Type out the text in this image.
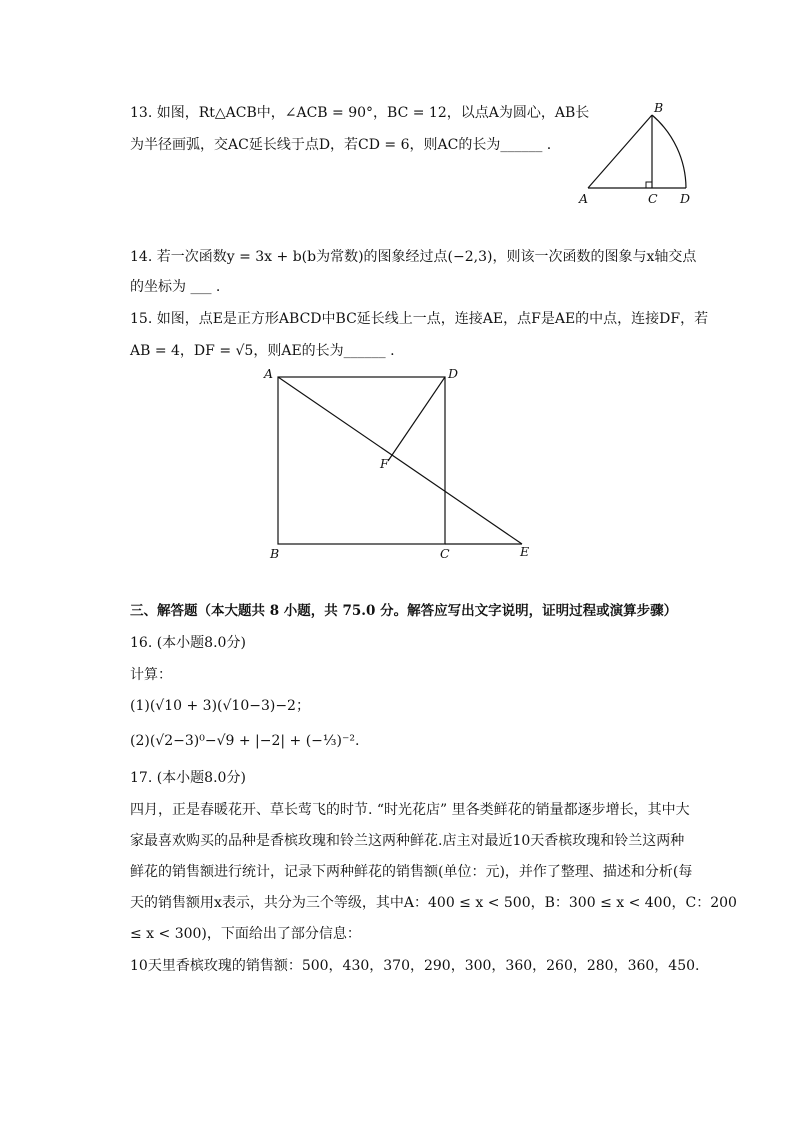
13. 如图，Rt△ACB中，∠ACB = 90°，BC = 12，以点A为圆心，AB长
为半径画弧，交AC延长线于点D，若CD = 6，则AC的长为______ .
B
A	C D
14. 若一次函数y = 3x + b(b为常数)的图象经过点(−2,3)，则该一次函数的图象与x轴交点
的坐标为 ___ .
15. 如图，点E是正方形ABCD中BC延长线上一点，连接AE，点F是AE的中点，连接DF，若
AB = 4，DF = √5，则AE的长为______ .
A	D
F
B	C	E
三、解答题（本大题共 8 小题，共 75.0 分。解答应写出文字说明，证明过程或演算步骤）
16. (本小题8.0分)
计算：
(1)(√10 + 3)(√10−3)−2；
(2)(√2−3)⁰−√9 + |−2| + (−⅓)⁻².
17. (本小题8.0分)
四月，正是春暖花开、草长莺飞的时节. “时光花店” 里各类鲜花的销量都逐步增长，其中大
家最喜欢购买的品种是香槟玫瑰和铃兰这两种鲜花.店主对最近10天香槟玫瑰和铃兰这两种
鲜花的销售额进行统计，记录下两种鲜花的销售额(单位：元)，并作了整理、描述和分析(每
天的销售额用x表示，共分为三个等级，其中A：400 ≤ x < 500，B：300 ≤ x < 400，C：200
≤ x < 300)，下面给出了部分信息：
10天里香槟玫瑰的销售额：500，430，370，290，300，360，260，280，360，450.
